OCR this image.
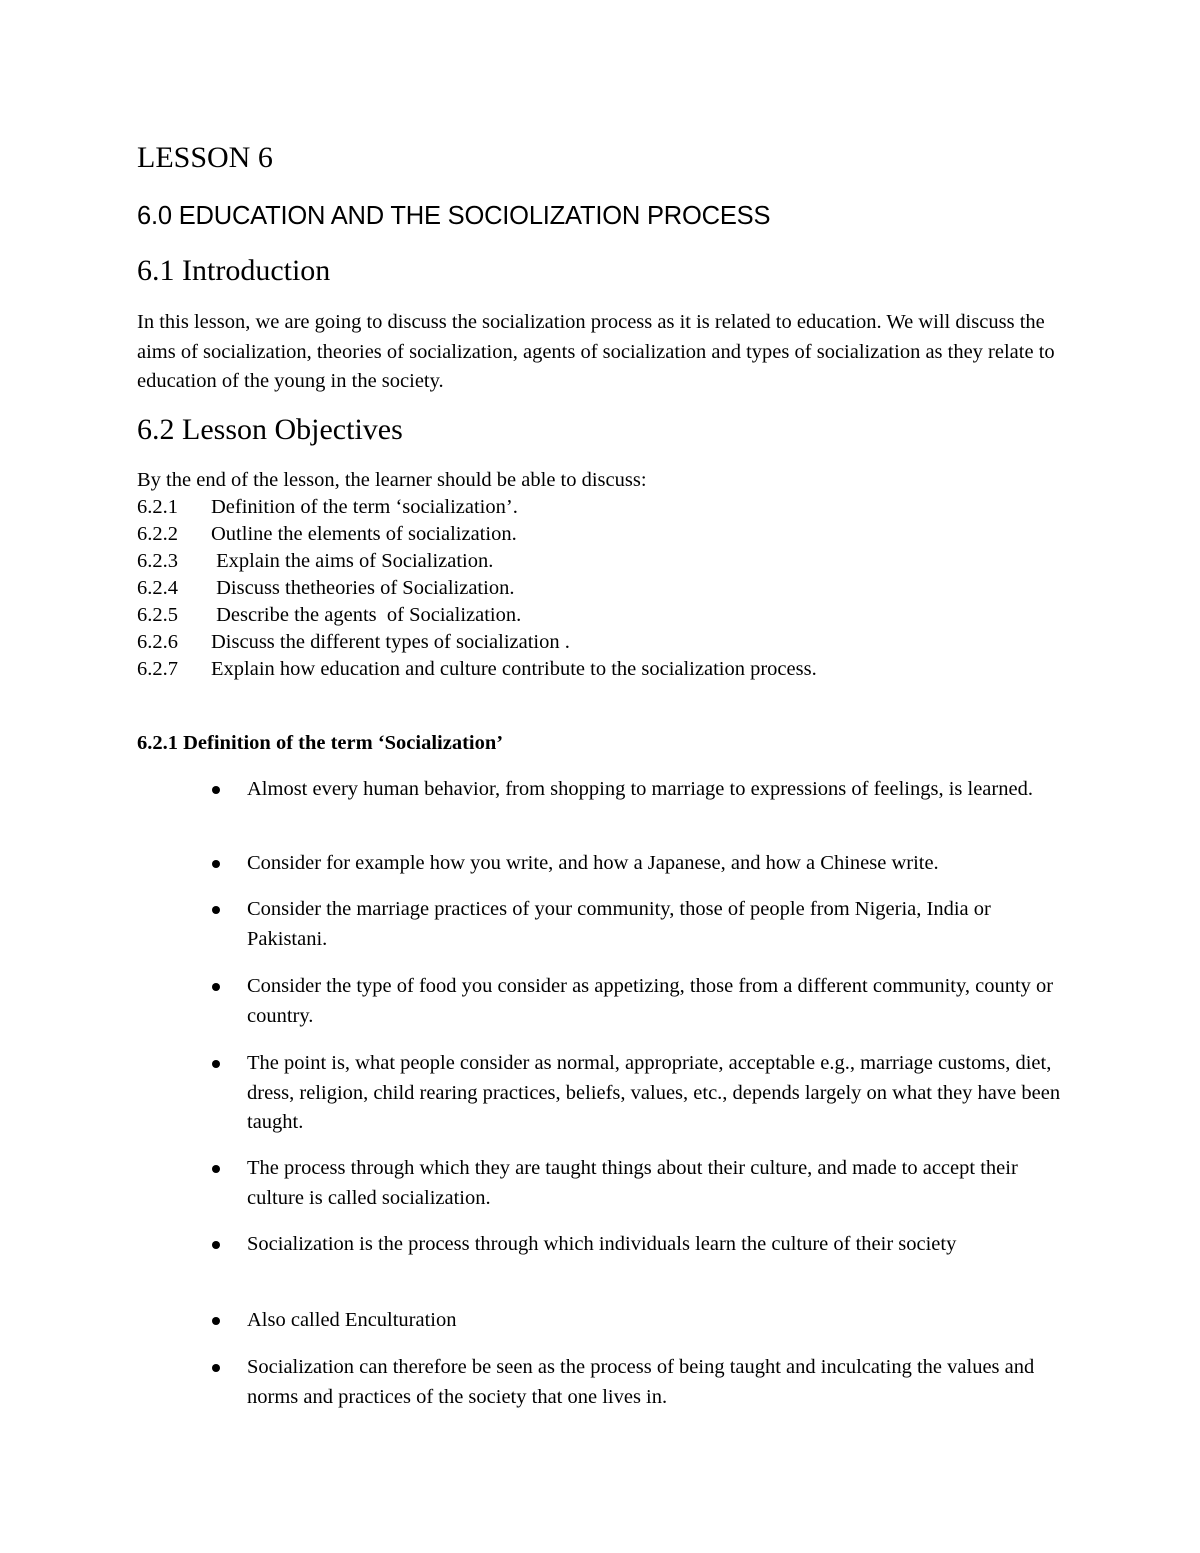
LESSON 6
6.0 EDUCATION AND THE SOCIOLIZATION PROCESS
6.1 Introduction

In this lesson, we are going to discuss the socialization process as it is related to education. We will discuss the aims of socialization, theories of socialization, agents of socialization and types of socialization as they relate to education of the young in the society.

6.2 Lesson Objectives
By the end of the lesson, the learner should be able to discuss:
6.2.1 Definition of the term ‘socialization’.
6.2.2 Outline the elements of socialization.
6.2.3 Explain the aims of Socialization.
6.2.4 Discuss thetheories of Socialization.
6.2.5 Describe the agents  of Socialization.
6.2.6 Discuss the different types of socialization .
6.2.7 Explain how education and culture contribute to the socialization process.
6.2.1 Definition of the term ‘Socialization’
Almost every human behavior, from shopping to marriage to expressions of feelings, is learned.
Consider for example how you write, and how a Japanese, and how a Chinese write.
Consider the marriage practices of your community, those of people from Nigeria, India or Pakistani.
Consider the type of food you consider as appetizing, those from a different community, county or country.
The point is, what people consider as normal, appropriate, acceptable e.g., marriage customs, diet, dress, religion, child rearing practices, beliefs, values, etc., depends largely on what they have been taught.
The process through which they are taught things about their culture, and made to accept their culture is called socialization.
Socialization is the process through which individuals learn the culture of their society
Also called Enculturation
Socialization can therefore be seen as the process of being taught and inculcating the values and norms and practices of the society that one lives in.
